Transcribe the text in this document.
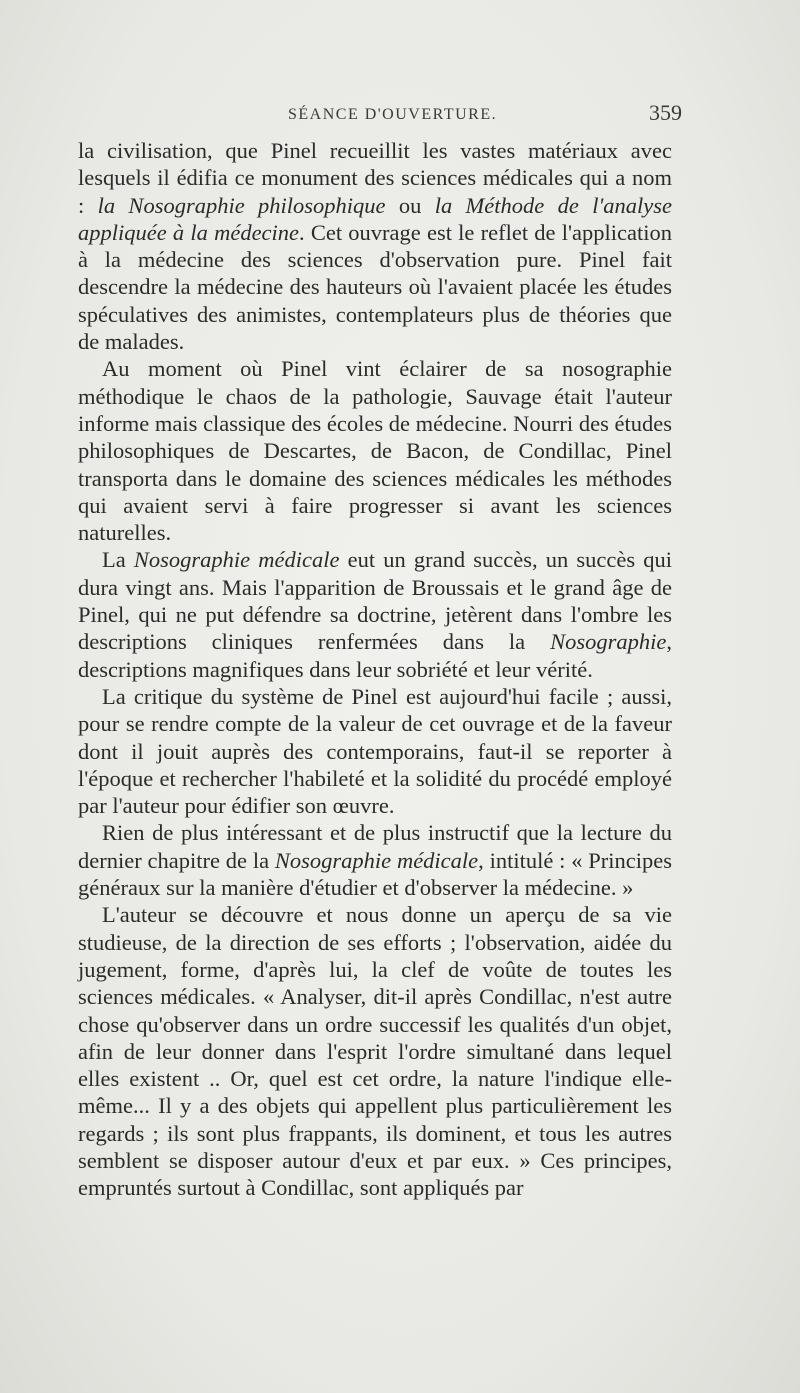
SÉANCE D'OUVERTURE.	359

la civilisation, que Pinel recueillit les vastes matériaux avec lesquels il édifia ce monument des sciences médicales qui a nom : la Nosographie philosophique ou la Méthode de l'analyse appliquée à la médecine. Cet ouvrage est le reflet de l'application à la médecine des sciences d'observation pure. Pinel fait descendre la médecine des hauteurs où l'avaient placée les études spéculatives des animistes, contemplateurs plus de théories que de malades.

Au moment où Pinel vint éclairer de sa nosographie méthodique le chaos de la pathologie, Sauvage était l'auteur informe mais classique des écoles de médecine. Nourri des études philosophiques de Descartes, de Bacon, de Condillac, Pinel transporta dans le domaine des sciences médicales les méthodes qui avaient servi à faire progresser si avant les sciences naturelles.

La Nosographie médicale eut un grand succès, un succès qui dura vingt ans. Mais l'apparition de Broussais et le grand âge de Pinel, qui ne put défendre sa doctrine, jetèrent dans l'ombre les descriptions cliniques renfermées dans la Nosographie, descriptions magnifiques dans leur sobriété et leur vérité.

La critique du système de Pinel est aujourd'hui facile ; aussi, pour se rendre compte de la valeur de cet ouvrage et de la faveur dont il jouit auprès des contemporains, faut-il se reporter à l'époque et rechercher l'habileté et la solidité du procédé employé par l'auteur pour édifier son œuvre.

Rien de plus intéressant et de plus instructif que la lecture du dernier chapitre de la Nosographie médicale, intitulé : « Principes généraux sur la manière d'étudier et d'observer la médecine. »

L'auteur se découvre et nous donne un aperçu de sa vie studieuse, de la direction de ses efforts ; l'observation, aidée du jugement, forme, d'après lui, la clef de voûte de toutes les sciences médicales. « Analyser, dit-il après Condillac, n'est autre chose qu'observer dans un ordre successif les qualités d'un objet, afin de leur donner dans l'esprit l'ordre simultané dans lequel elles existent .. Or, quel est cet ordre, la nature l'indique elle-même... Il y a des objets qui appellent plus particulièrement les regards ; ils sont plus frappants, ils dominent, et tous les autres semblent se disposer autour d'eux et par eux. » Ces principes, empruntés surtout à Condillac, sont appliqués par
